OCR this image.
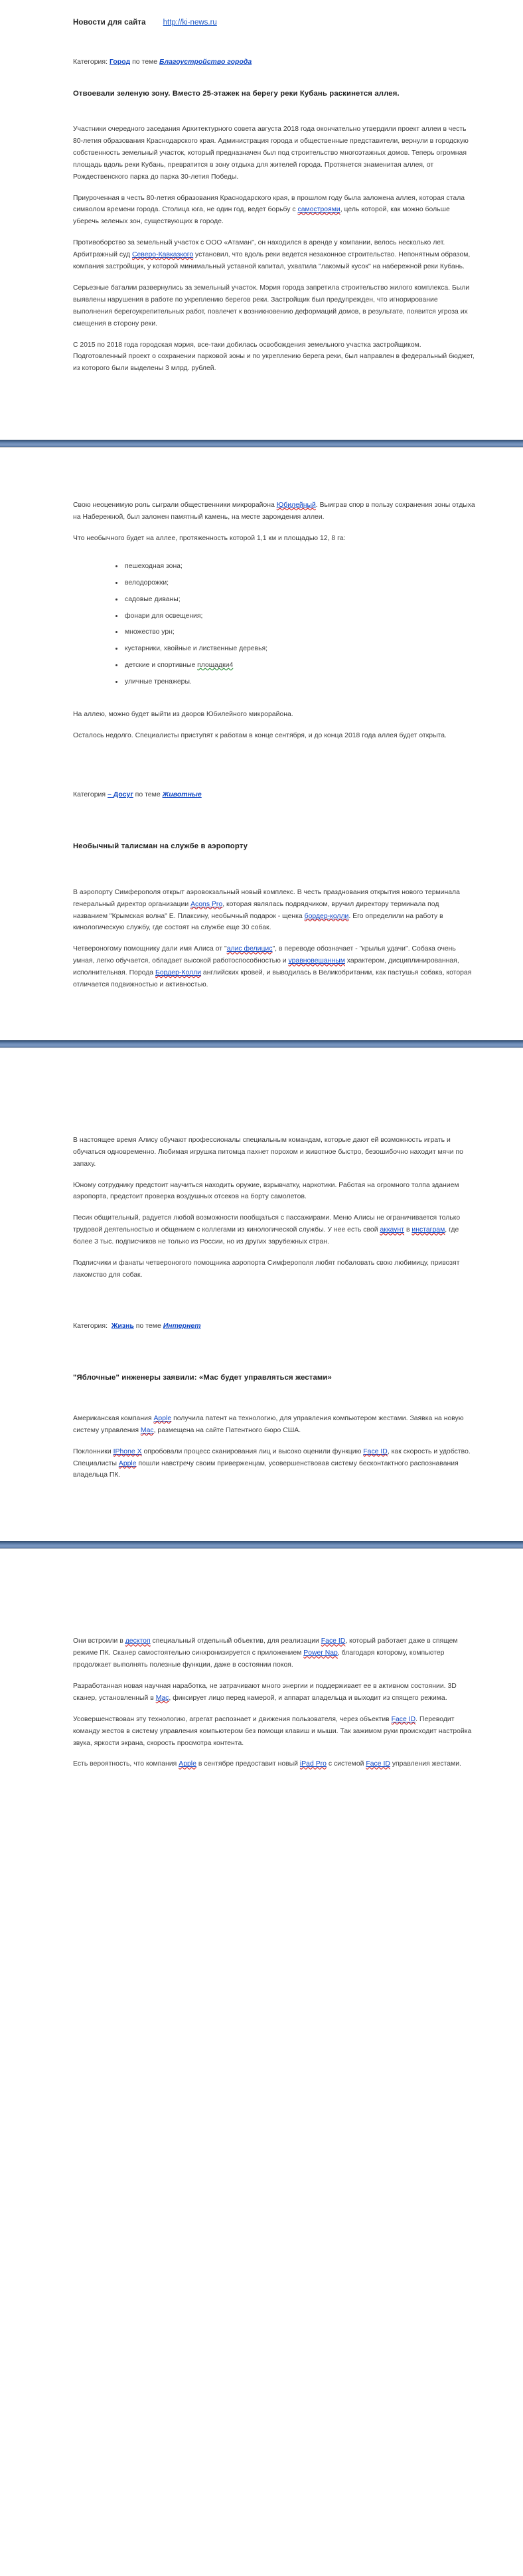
Новости для сайта http://ki-news.ru
Категория: Город по теме Благоустройство города
Отвоевали зеленую зону. Вместо 25-этажек на берегу реки Кубань раскинется аллея.

Участники очередного заседания Архитектурного совета августа 2018 года окончательно утвердили проект аллеи в честь 80-летия образования Краснодарского края. Администрация города и общественные представители, вернули в городскую собственность земельный участок, который предназначен был под строительство многоэтажных домов. Теперь огромная площадь вдоль реки Кубань, превратится в зону отдыха для жителей города. Протянется знаменитая аллея, от Рождественского парка до парка 30-летия Победы.

Приуроченная в честь 80-летия образования Краснодарского края, в прошлом году была заложена аллея, которая стала символом времени города. Столица юга, не один год, ведет борьбу с самостроями, цель которой, как можно больше уберечь зеленых зон, существующих в городе.

Противоборство за земельный участок с ООО «Атаман", он находился в аренде у компании, велось несколько лет. Арбитражный суд Северо-Кавказкого установил, что вдоль реки ведется незаконное строительство. Непонятным образом, компания застройщик, у которой минимальный уставной капитал, ухватила "лакомый кусок" на набережной реки Кубань.

Серьезные баталии развернулись за земельный участок. Мэрия города запретила строительство жилого комплекса. Были выявлены нарушения в работе по укреплению берегов реки. Застройщик был предупрежден, что игнорирование выполнения берегоукрепительных работ, повлечет к возникновению деформаций домов, в результате, появится угроза их смещения в сторону реки.

С 2015 по 2018 года городская мэрия, все-таки добилась освобождения земельного участка застройщиком. Подготовленный проект о сохранении парковой зоны и по укреплению берега реки, был направлен в федеральный бюджет, из которого были выделены 3 млрд. рублей.

Свою неоценимую роль сыграли общественники микрорайона Юбилейный. Выиграв спор в пользу сохранения зоны отдыха на Набережной, был заложен памятный камень, на месте зарождения аллеи.

Что необычного будет на аллее, протяженность которой 1,1 км и площадью 12, 8 га:

пешеходная зона;
велодорожки;
садовые диваны;
фонари для освещения;
множество урн;
кустарники, хвойные и лиственные деревья;
детские и спортивные площадки4
уличные тренажеры.

На аллею, можно будет выйти из дворов Юбилейного микрорайона.

Осталось недолго. Специалисты приступят к работам в конце сентября, и до конца 2018 года аллея будет открыта.

Категория – Досуг по теме Животные
Необычный талисман на службе в аэропорту

В аэропорту Симферополя открыт аэровокзальный новый комплекс. В честь празднования открытия нового терминала генеральный директор организации Acons Pro, которая являлась подрядчиком, вручил директору терминала под названием "Крымская волна" Е. Плаксину, необычный подарок - щенка бордер-колли. Его определили на работу в кинологическую службу, где состоят на службе еще 30 собак.

Четвероногому помощнику дали имя Алиса от "алис фелицис", в переводе обозначает - "крылья удачи". Собака очень умная, легко обучается, обладает высокой работоспособностью и уравновешанным характером, дисциплинированная, исполнительная. Порода Бордер-Колли английских кровей, и выводилась в Великобритании, как пастушья собака, которая отличается подвижностью и активностью.

В настоящее время Алису обучают профессионалы специальным командам, которые дают ей возможность играть и обучаться одновременно. Любимая игрушка питомца пахнет порохом и животное быстро, безошибочно находит мячи по запаху.

Юному сотруднику предстоит научиться находить оружие, взрывчатку, наркотики. Работая на огромного толпа зданием аэропорта, предстоит проверка воздушных отсеков на борту самолетов.

Песик общительный, радуется любой возможности пообщаться с пассажирами. Меню Алисы не ограничивается только трудовой деятельностью и общением с коллегами из кинологической службы. У нее есть свой аккаунт в инстаграм, где более 3 тыс. подписчиков не только из России, но из других зарубежных стран.

Подписчики и фанаты четвероногого помощника аэропорта Симферополя любят побаловать свою любимицу, привозят лакомство для собак.

Категория: Жизнь по теме Интернет
"Яблочные" инженеры заявили: «Мас будет управляться жестами»

Американская компания Apple получила патент на технологию, для управления компьютером жестами. Заявка на новую систему управления Mac, размещена на сайте Патентного бюро США.

Поклонники IPhone X опробовали процесс сканирования лиц и высоко оценили функцию Face ID, как скорость и удобство. Специалисты Apple пошли навстречу своим приверженцам, усовершенствовав систему бесконтактного распознавания владельца ПК.

Они встроили в десктоп специальный отдельный объектив, для реализации Face ID, который работает даже в спящем режиме ПК. Сканер самостоятельно синхронизируется с приложением Power Nap, благодаря которому, компьютер продолжает выполнять полезные функции, даже в состоянии покоя.

Разработанная новая научная наработка, не затрачивают много энергии и поддерживает ее в активном состоянии. 3D сканер, установленный в Mac, фиксирует лицо перед камерой, и аппарат владельца и выходит из спящего режима.

Усовершенствован эту технологию, агрегат распознает и движения пользователя, через объектив Face ID. Переводит команду жестов в систему управления компьютером без помощи клавиш и мыши. Так зажимом руки происходит настройка звука, яркости экрана, скорость просмотра контента.

Есть вероятность, что компания Apple в сентябре предоставит новый iPad Pro с системой Face ID управления жестами.
